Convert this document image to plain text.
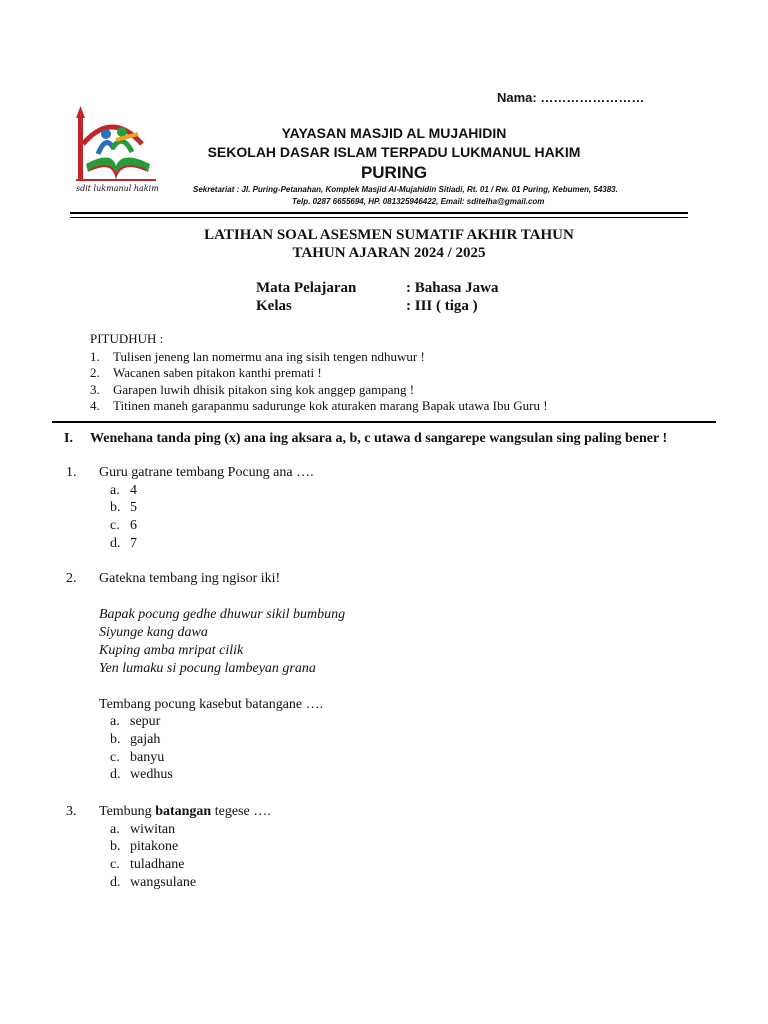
Nama: ……………………
sdit lukmanul hakim
YAYASAN MASJID AL MUJAHIDIN
SEKOLAH DASAR ISLAM TERPADU LUKMANUL HAKIM
PURING
Sekretariat : Jl. Puring-Petanahan, Komplek Masjid Al-Mujahidin Sitiadi, Rt. 01 / Rw. 01 Puring, Kebumen, 54383.
Telp. 0287 6655694, HP. 081325946422, Email: sditelha@gmail.com
LATIHAN SOAL ASESMEN SUMATIF AKHIR TAHUN
TAHUN AJARAN 2024 / 2025
Mata Pelajaran	: Bahasa Jawa
Kelas	: III ( tiga )
PITUDHUH :
1. Tulisen jeneng lan nomermu ana ing sisih tengen ndhuwur !
2. Wacanen saben pitakon kanthi premati !
3. Garapen luwih dhisik pitakon sing kok anggep gampang !
4. Titinen maneh garapanmu sadurunge kok aturaken marang Bapak utawa Ibu Guru !
I. Wenehana tanda ping (x) ana ing aksara a, b, c utawa d sangarepe wangsulan sing paling bener !
1. Guru gatrane tembang Pocung ana ….
a. 4
b. 5
c. 6
d. 7
2. Gatekna tembang ing ngisor iki!
Bapak pocung gedhe dhuwur sikil bumbung
Siyunge kang dawa
Kuping amba mripat cilik
Yen lumaku si pocung lambeyan grana
Tembang pocung kasebut batangane ….
a. sepur
b. gajah
c. banyu
d. wedhus
3. Tembung batangan tegese ….
a. wiwitan
b. pitakone
c. tuladhane
d. wangsulane
